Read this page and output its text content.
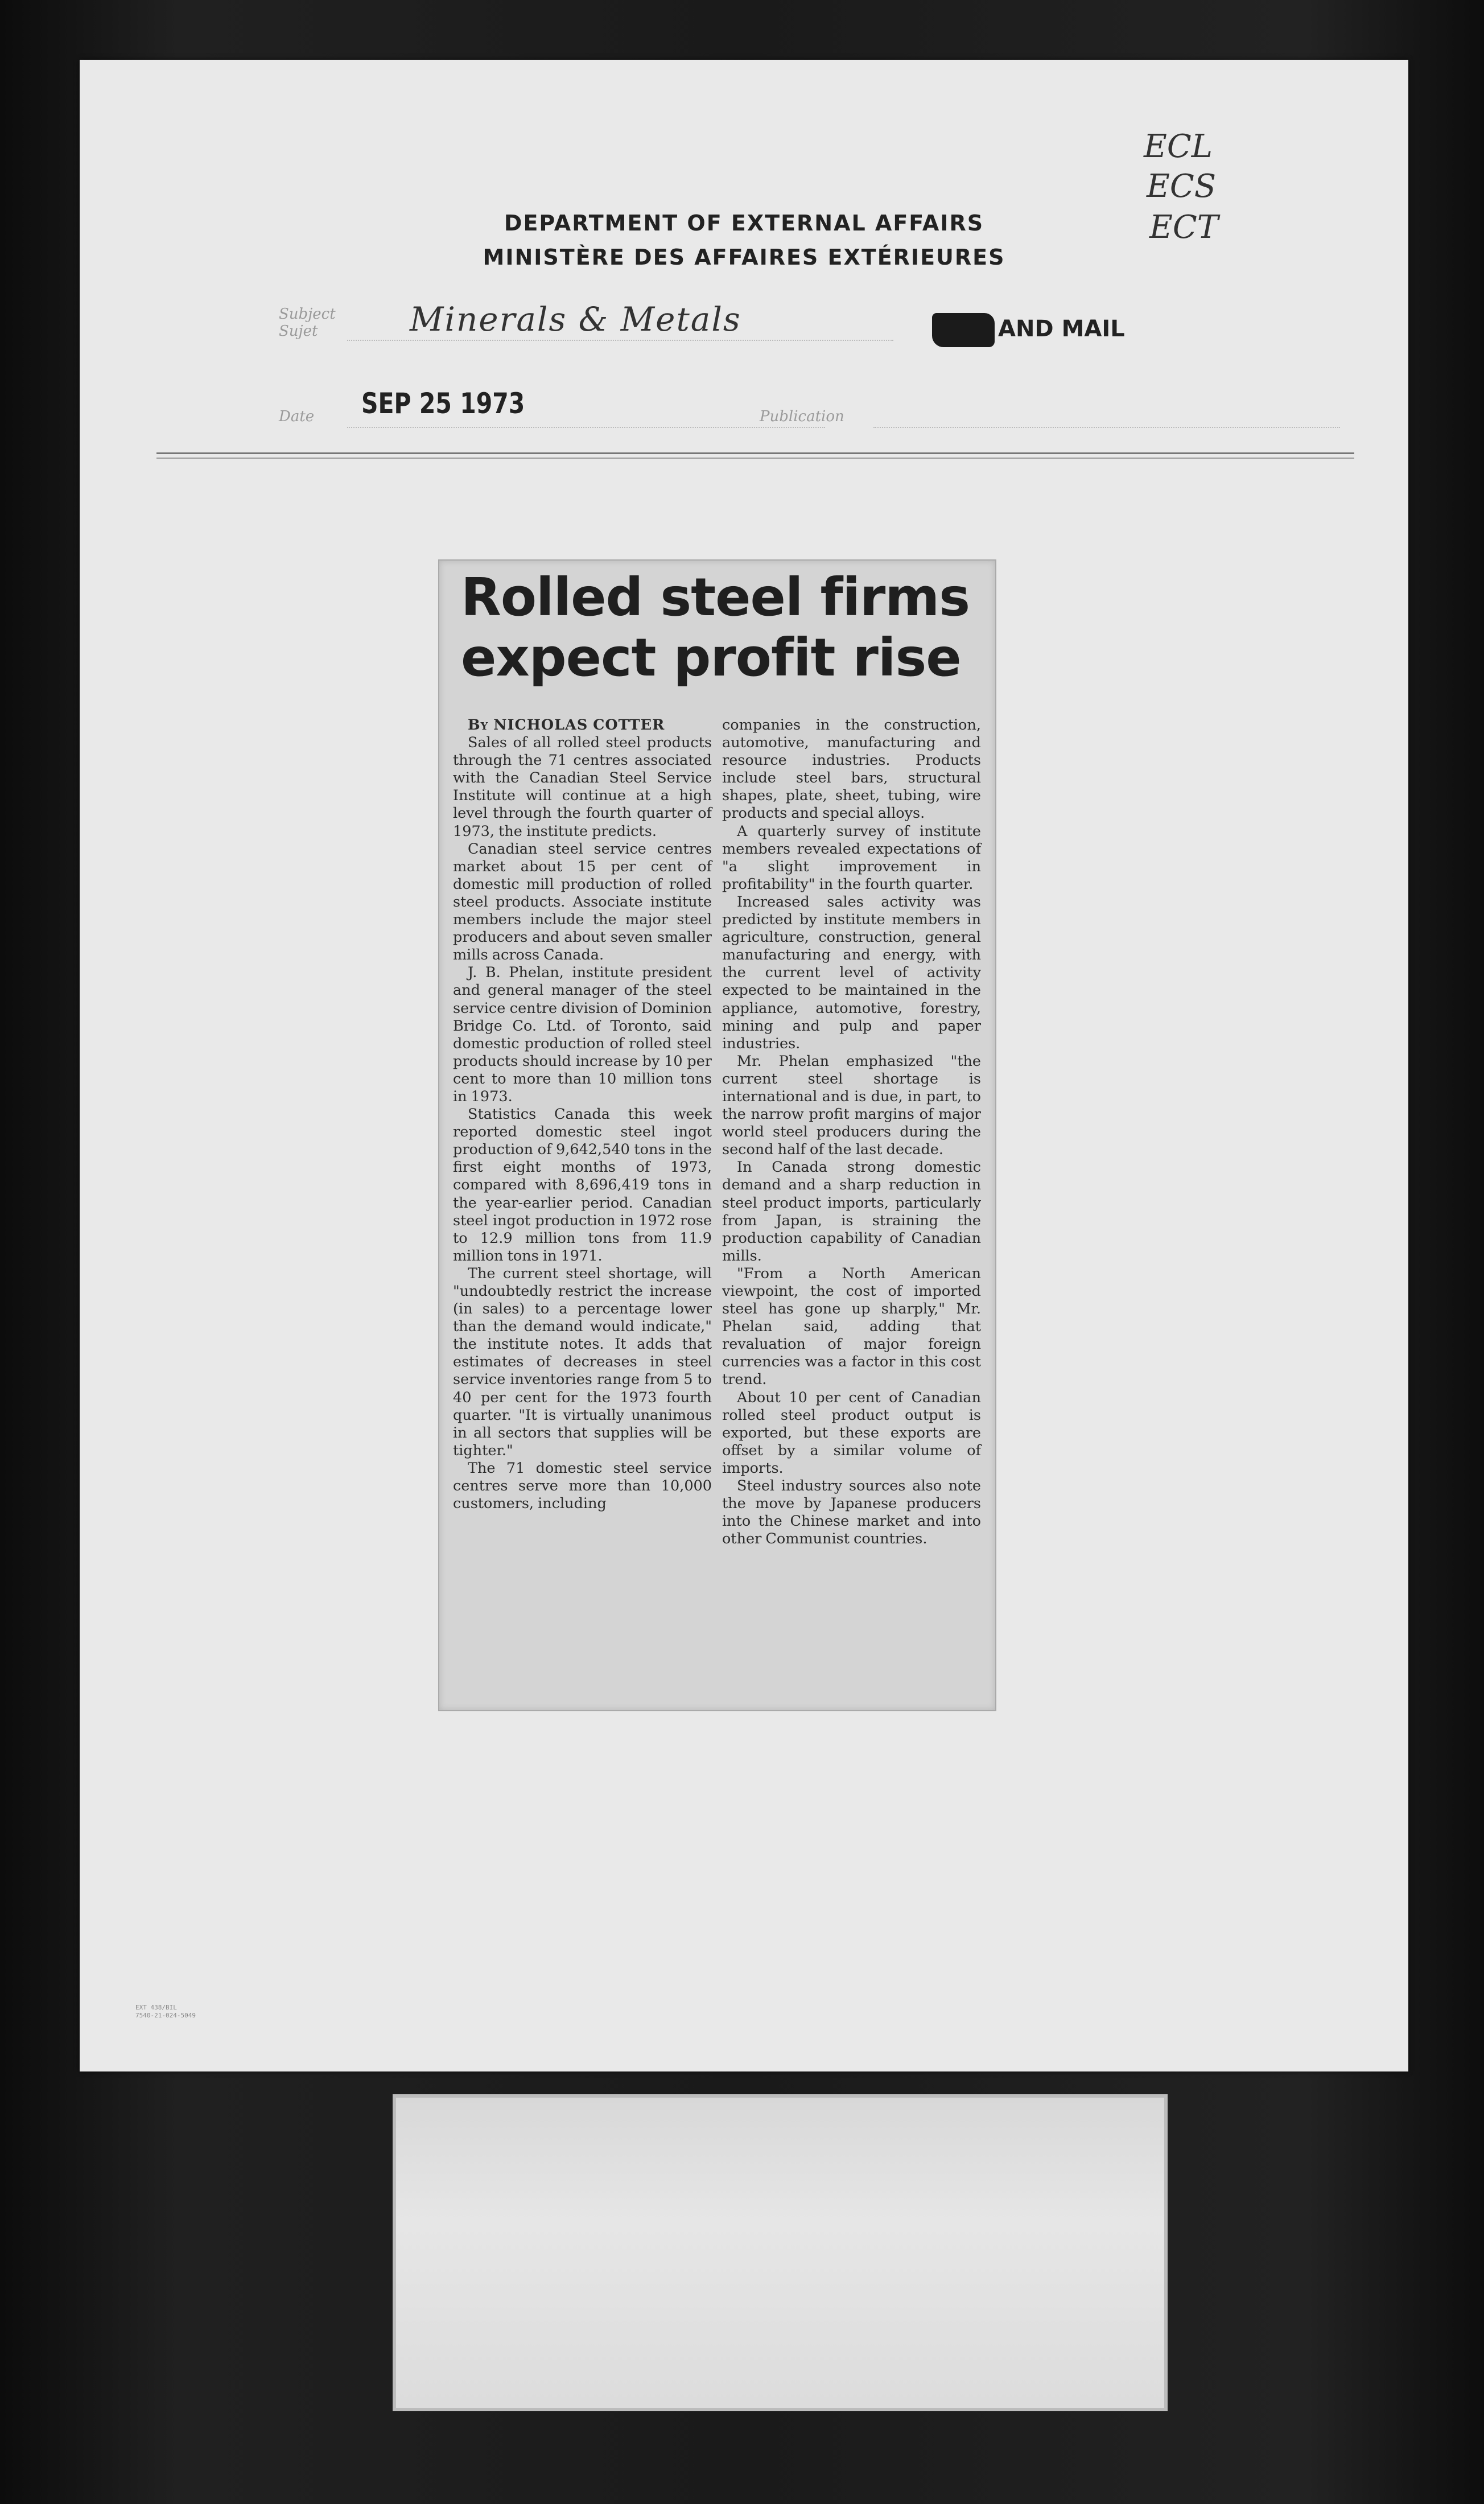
DEPARTMENT OF EXTERNAL AFFAIRS
MINISTÈRE DES AFFAIRES EXTÉRIEURES
ECL
ECS
ECT
Subject
Sujet	Minerals & Metals	AND MAIL
Date SEP 25 1973	Publication
Rolled steel firms
expect profit rise

By NICHOLAS COTTER

Sales of all rolled steel products through the 71 centres associated with the Canadian Steel Service Institute will continue at a high level through the fourth quarter of 1973, the institute predicts.

Canadian steel service centres market about 15 per cent of domestic mill production of rolled steel products. Associate institute members include the major steel producers and about seven smaller mills across Canada.

J. B. Phelan, institute president and general manager of the steel service centre division of Dominion Bridge Co. Ltd. of Toronto, said domestic production of rolled steel products should increase by 10 per cent to more than 10 million tons in 1973.

Statistics Canada this week reported domestic steel ingot production of 9,642,540 tons in the first eight months of 1973, compared with 8,696,419 tons in the year-earlier period. Canadian steel ingot production in 1972 rose to 12.9 million tons from 11.9 million tons in 1971.

The current steel shortage, will "undoubtedly restrict the increase (in sales) to a percentage lower than the demand would indicate," the institute notes. It adds that estimates of decreases in steel service inventories range from 5 to 40 per cent for the 1973 fourth quarter. "It is virtually unanimous in all sectors that supplies will be tighter."

The 71 domestic steel service centres serve more than 10,000 customers, including

companies in the construction, automotive, manufacturing and resource industries. Products include steel bars, structural shapes, plate, sheet, tubing, wire products and special alloys.

A quarterly survey of institute members revealed expectations of "a slight improvement in profitability" in the fourth quarter.

Increased sales activity was predicted by institute members in agriculture, construction, general manufacturing and energy, with the current level of activity expected to be maintained in the appliance, automotive, forestry, mining and pulp and paper industries.

Mr. Phelan emphasized "the current steel shortage is international and is due, in part, to the narrow profit margins of major world steel producers during the second half of the last decade.

In Canada strong domestic demand and a sharp reduction in steel product imports, particularly from Japan, is straining the production capability of Canadian mills.

"From a North American viewpoint, the cost of imported steel has gone up sharply," Mr. Phelan said, adding that revaluation of major foreign currencies was a factor in this cost trend.

About 10 per cent of Canadian rolled steel product output is exported, but these exports are offset by a similar volume of imports.

Steel industry sources also note the move by Japanese producers into the Chinese market and into other Communist countries.

EXT 438/BIL
7540-21-024-5049
